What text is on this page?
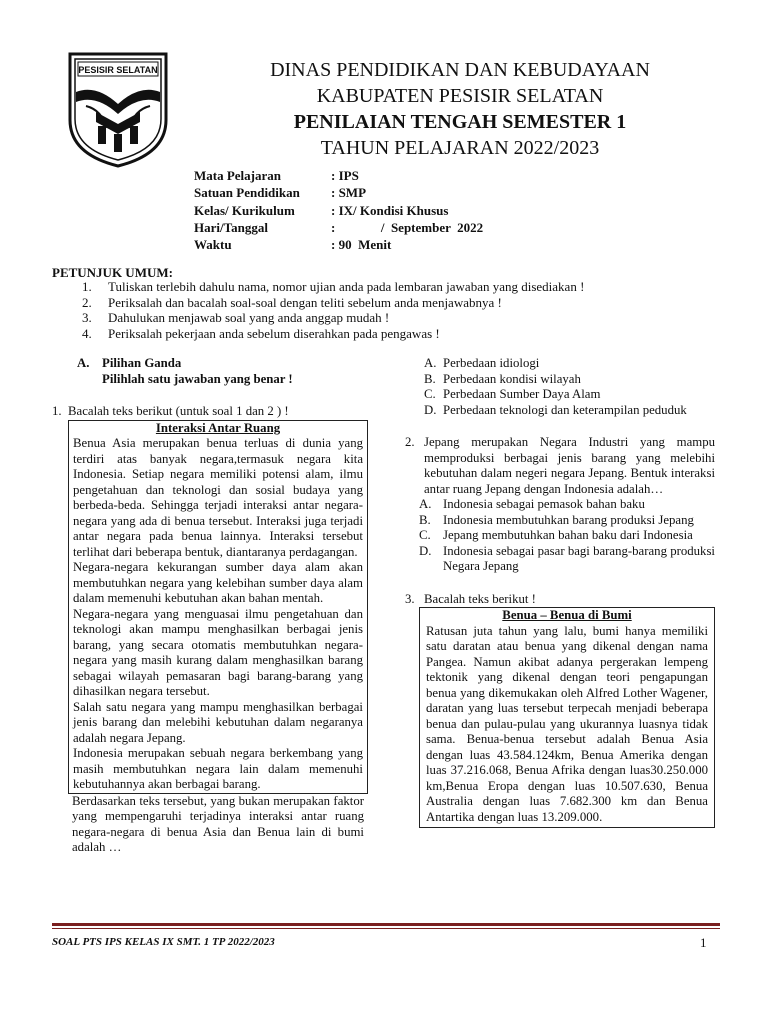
PESISIR SELATAN	DINAS PENDIDIKAN DAN KEBUDAYAAN
KABUPATEN PESISIR SELATAN
PENILAIAN TENGAH SEMESTER 1
TAHUN PELAJARAN 2022/2023
Mata Pelajaran	: IPS
Satuan Pendidikan	: SMP
Kelas/ Kurikulum	: IX/ Kondisi Khusus
Hari/Tanggal	:              /  September  2022
Waktu	: 90  Menit
PETUNJUK UMUM:
1.	Tuliskan terlebih dahulu nama, nomor ujian anda pada lembaran jawaban yang disediakan !
2.	Periksalah dan bacalah soal-soal dengan teliti sebelum anda menjawabnya !
3.	Dahulukan menjawab soal yang anda anggap mudah !
4.	Periksalah pekerjaan anda sebelum diserahkan pada pengawas !
A. Pilihan Ganda
Pilihlah satu jawaban yang benar !
1. Bacalah teks berikut (untuk soal 1 dan 2 ) !
Interaksi Antar Ruang
Benua Asia merupakan benua terluas di dunia yang terdiri atas banyak negara,termasuk negara kita Indonesia. Setiap negara memiliki potensi alam, ilmu pengetahuan dan teknologi dan sosial budaya yang berbeda-beda. Sehingga terjadi interaksi antar negara-negara yang ada di benua tersebut. Interaksi juga terjadi antar negara pada benua lainnya. Interaksi tersebut terlihat dari beberapa bentuk, diantaranya perdagangan.
Negara-negara kekurangan sumber daya alam akan membutuhkan negara yang kelebihan sumber daya alam dalam memenuhi kebutuhan akan bahan mentah.
Negara-negara yang menguasai ilmu pengetahuan dan teknologi akan mampu menghasilkan berbagai jenis barang, yang secara otomatis membutuhkan negara-negara yang masih kurang dalam menghasilkan barang sebagai wilayah pemasaran bagi barang-barang yang dihasilkan negara tersebut.
Salah satu negara yang mampu menghasilkan berbagai jenis barang dan melebihi kebutuhan dalam negaranya adalah negara Jepang.
Indonesia merupakan sebuah negara berkembang yang masih membutuhkan negara lain dalam memenuhi kebutuhannya akan berbagai barang.
Berdasarkan teks tersebut, yang bukan merupakan faktor yang mempengaruhi terjadinya interaksi antar ruang negara-negara di benua Asia dan Benua lain di bumi adalah …
A. Perbedaan idiologi
B. Perbedaan kondisi wilayah
C. Perbedaan Sumber Daya Alam
D. Perbedaan teknologi dan keterampilan peduduk
2. Jepang merupakan Negara Industri yang mampu memproduksi berbagai jenis barang yang melebihi kebutuhan dalam negeri negara Jepang. Bentuk interaksi antar ruang Jepang dengan Indonesia adalah…
A. Indonesia sebagai pemasok bahan baku
B. Indonesia membutuhkan barang produksi Jepang
C. Jepang membutuhkan bahan baku dari Indonesia
D. Indonesia sebagai pasar bagi barang-barang produksi Negara Jepang
3. Bacalah teks berikut !
Benua – Benua di Bumi
Ratusan juta tahun yang lalu, bumi hanya memiliki satu daratan atau benua yang dikenal dengan nama Pangea. Namun akibat adanya pergerakan lempeng tektonik yang dikenal dengan teori pengapungan benua yang dikemukakan oleh Alfred Lother Wagener, daratan yang luas tersebut terpecah menjadi beberapa benua dan pulau-pulau yang ukurannya luasnya tidak sama. Benua-benua tersebut adalah Benua Asia dengan luas 43.584.124km, Benua Amerika dengan luas 37.216.068, Benua Afrika dengan luas30.250.000 km,Benua Eropa dengan luas 10.507.630, Benua Australia dengan luas 7.682.300 km dan Benua Antartika dengan luas 13.209.000.
SOAL PTS IPS KELAS IX SMT. 1 TP 2022/2023	1
